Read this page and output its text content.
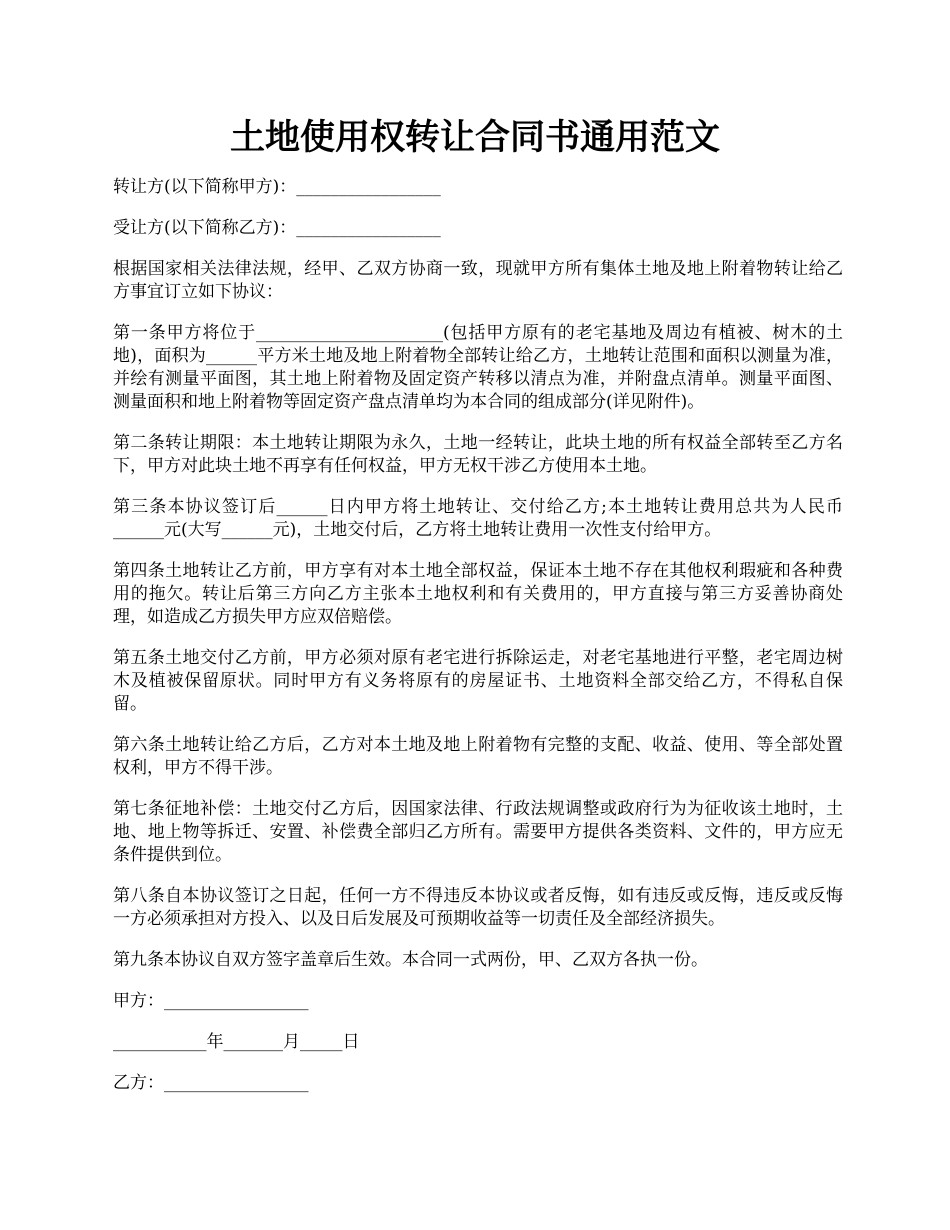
土地使用权转让合同书通用范文

转让方(以下简称甲方)：_________________

受让方(以下简称乙方)：_________________

根据国家相关法律法规，经甲、乙双方协商一致，现就甲方所有集体土地及地上附着物转让给乙方事宜订立如下协议：

第一条甲方将位于______________________(包括甲方原有的老宅基地及周边有植被、树木的土地)，面积为______平方米土地及地上附着物全部转让给乙方，土地转让范围和面积以测量为准，并绘有测量平面图，其土地上附着物及固定资产转移以清点为准，并附盘点清单。测量平面图、测量面积和地上附着物等固定资产盘点清单均为本合同的组成部分(详见附件)。

第二条转让期限：本土地转让期限为永久，土地一经转让，此块土地的所有权益全部转至乙方名下，甲方对此块土地不再享有任何权益，甲方无权干涉乙方使用本土地。

第三条本协议签订后______日内甲方将土地转让、交付给乙方;本土地转让费用总共为人民币______元(大写______元)，土地交付后，乙方将土地转让费用一次性支付给甲方。

第四条土地转让乙方前，甲方享有对本土地全部权益，保证本土地不存在其他权利瑕疵和各种费用的拖欠。转让后第三方向乙方主张本土地权利和有关费用的，甲方直接与第三方妥善协商处理，如造成乙方损失甲方应双倍赔偿。

第五条土地交付乙方前，甲方必须对原有老宅进行拆除运走，对老宅基地进行平整，老宅周边树木及植被保留原状。同时甲方有义务将原有的房屋证书、土地资料全部交给乙方，不得私自保留。

第六条土地转让给乙方后，乙方对本土地及地上附着物有完整的支配、收益、使用、等全部处置权利，甲方不得干涉。

第七条征地补偿：土地交付乙方后，因国家法律、行政法规调整或政府行为为征收该土地时，土地、地上物等拆迁、安置、补偿费全部归乙方所有。需要甲方提供各类资料、文件的，甲方应无条件提供到位。

第八条自本协议签订之日起，任何一方不得违反本协议或者反悔，如有违反或反悔，违反或反悔一方必须承担对方投入、以及日后发展及可预期收益等一切责任及全部经济损失。

第九条本协议自双方签字盖章后生效。本合同一式两份，甲、乙双方各执一份。

甲方：_________________

___________年_______月_____日

乙方：_________________
